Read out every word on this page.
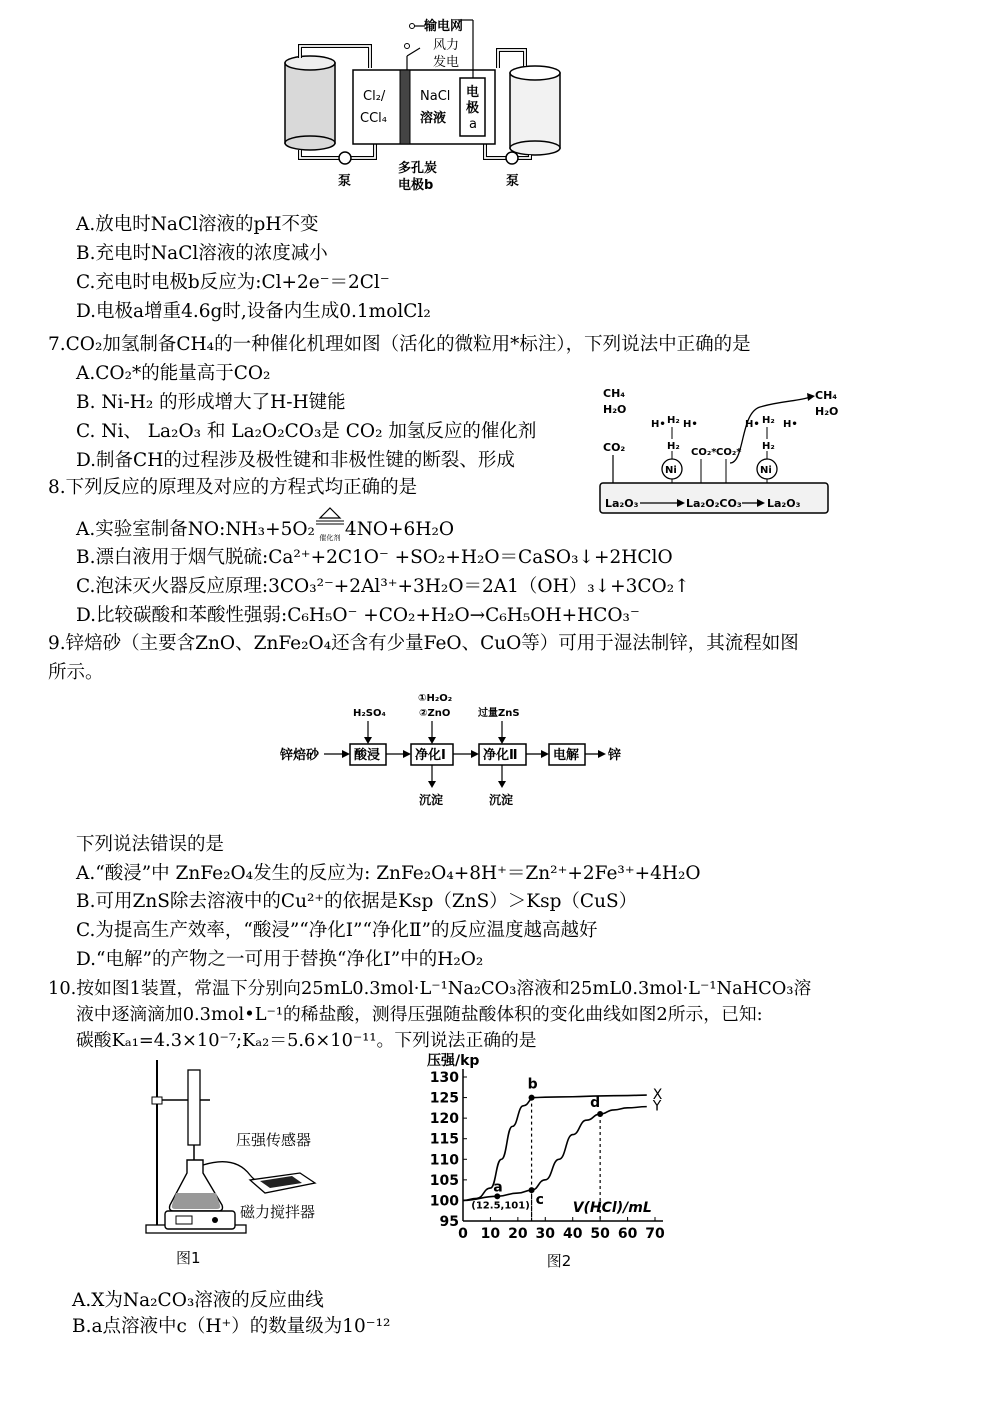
输电网
风力
发电
Cl₂/
CCl₄
NaCl
溶液
电
极
a
多孔炭
电极b
泵	泵
A.放电时NaCl溶液的pH不变
B.充电时NaCl溶液的浓度减小
C.充电时电极b反应为:Cl+2e⁻＝2Cl⁻
D.电极a增重4.6g时,设备内生成0.1molCl₂
7.CO₂加氢制备CH₄的一种催化机理如图（活化的微粒用*标注），下列说法中正确的是
A.CO₂*的能量高于CO₂
B. Ni-H₂ 的形成增大了H-H键能
C. Ni、 La₂O₃ 和 La₂O₂CO₃是 CO₂ 加氢反应的催化剂
D.制备CH的过程涉及极性键和非极性键的断裂、形成
La₂O₃	La₂O₂CO₃ La₂O₃
Ni	Ni
CO₂
CH₄
H₂O
H• H₂ H•
H₂
CO₂* CO₂*
H• H₂ H•
H₂
CH₄
H₂O
8.下列反应的原理及对应的方程式均正确的是
A.实验室制备NO:NH₃+5O₂ 催化剂 4NO+6H₂O
B.漂白液用于烟气脱硫:Ca²⁺+2C1O⁻ +SO₂+H₂O＝CaSO₃↓+2HClO
C.泡沫灭火器反应原理:3CO₃²⁻+2Al³⁺+3H₂O＝2A1（OH）₃↓+3CO₂↑
D.比较碳酸和苯酸性强弱:C₆H₅O⁻ +CO₂+H₂O→C₆H₅OH+HCO₃⁻
9.锌焙砂（主要含ZnO、ZnFe₂O₄还含有少量FeO、CuO等）可用于湿法制锌，其流程如图
所示。
锌焙砂	酸浸	净化Ⅰ	净化Ⅱ	电解 锌
H₂SO₄
①H₂O₂
②ZnO	过量ZnS
沉淀	沉淀
下列说法错误的是
A.“酸浸”中 ZnFe₂O₄发生的反应为: ZnFe₂O₄+8H⁺＝Zn²⁺+2Fe³⁺+4H₂O
B.可用ZnS除去溶液中的Cu²⁺的依据是Ksp（ZnS）＞Ksp（CuS）
C.为提高生产效率，“酸浸”“净化I”“净化Ⅱ”的反应温度越高越好
D.“电解”的产物之一可用于替换“净化I”中的H₂O₂
10.按如图1装置，常温下分别向25mL0.3mol·L⁻¹Na₂CO₃溶液和25mL0.3mol·L⁻¹NaHCO₃溶
液中逐滴滴加0.3mol•L⁻¹的稀盐酸，测得压强随盐酸体积的变化曲线如图2所示，已知:
碳酸Kₐ₁=4.3×10⁻⁷;Kₐ₂＝5.6×10⁻¹¹。下列说法正确的是
压强传感器
磁力搅拌器
图1
95
100
105
110
115
120
125
130
0 10 20 30 40 50 60 70
压强/kp
V(HCl)/mL
X
Y
a
(12.5,101)
b
c
d
图2
A.X为Na₂CO₃溶液的反应曲线
B.a点溶液中c（H⁺）的数量级为10⁻¹²
